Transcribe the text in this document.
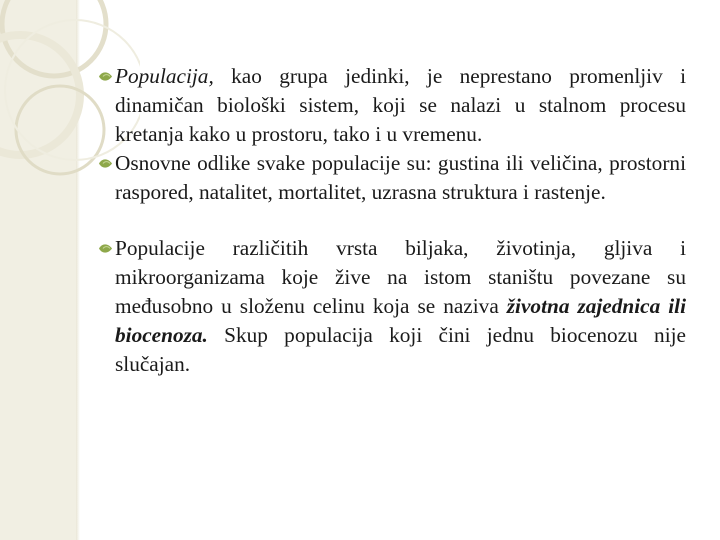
Populacija, kao grupa jedinki, je neprestano promenljiv i dinamičan biološki sistem, koji se nalazi u stalnom procesu kretanja kako u prostoru, tako i u vremenu.
Osnovne odlike svake populacije su: gustina ili veličina, prostorni raspored, natalitet, mortalitet, uzrasna struktura i rastenje.
Populacije različitih vrsta biljaka, životinja, gljiva i mikroorganizama koje žive na istom staništu povezane su međusobno u složenu celinu koja se naziva životna zajednica ili biocenoza. Skup populacija koji čini jednu biocenozu nije slučajan.
